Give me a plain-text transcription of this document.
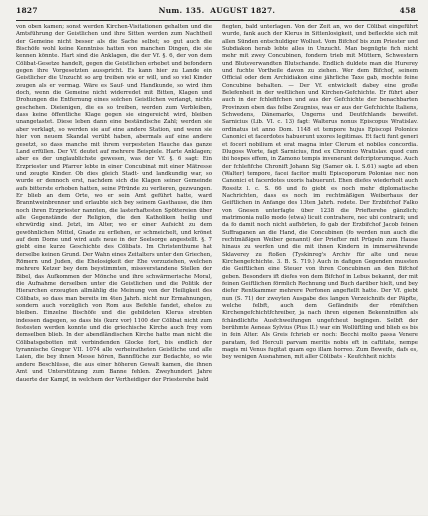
1827	Num. 135. AUGUST 1827.	458

von oben kamen; sonst werden Kirchen-Visitationen gehalten und die Amtsführung der Geistlichen und ihre Sitten werden zum Nachtheil der Gemeine nicht besser als die Sache selbst; so gut auch die Bischöfe wohl keine Kenntniss hatten von manchen Dingen, die sie kennen könnte. Hart sind die Anklagen, die der Vf. §. 6, der von dem Cölibat-Gesetze handelt, gegen die Geistlichen erhebet und befondern gegen ihre Vorgesetzten ausspricht. Es kann hier zu Lande ein Geistlicher die Unzucht so arg treiben wie er will, und so viel Kinder zeugen als er vermag. Wäre es Sauf- und Handkunde, so wird ihm doch, wenn die Gemeine nicht widerredet mit Bitten, Klagen und Drohungen die Entfernung eines solchen Geistlichen verlangt, nichts geschehen. Dieienigen, die es so treiben, werden zum Verbleiben, dass keine öffentliche Klage gegen sie eingereicht wird, bleiben unangetastet. Diese leben dann eine beständische Zahl; werden sie aber verklagt, so werden sie auf eine andere Station, und wenn sie hier von neuem Skandal verübt haben, abermals auf eine andere gesetzt, so dass manche mit ihrem verpesteten Hauche das ganze Land erfüllen. Der Vf. deutet auf mehrere Beispiele. Harte Anklagen; aber es der unglaublichste gewesen, was der Vf. §. 6 sagt: Ein Erzpriester und Pfarrer lebte in einer Concubinat mit einer Mätresse und zeugte Kinder. Ob dies gleich Stadt- und landkundig war, so wurde er dennoch erst, nachdem sich die Klagen seiner Gemeinde aufs bitterste erhoben hatten, seine Pfründe zu verlieren, gezwungen. Er blieb an dem Orte, wo er sein Amt geführt hatte, ward Branntweinbrenner und erlaubte sich bey seinem Gasthause, die ihm noch ihren Erzpriester nannten, die lasterhaftesten Spöttereien über alle Gegenstände der Religion, die den Katholiken heilig und ehrwürdig sind. Jetzt, im Alter, wo er einer Aufsicht zu dem gewöhnlichen Mittel, Gnade zu erflehen, er schmeichelt, und krönet auf dem Dome und wird aufs neue in der Seelsorge angestellt. §. 7 giebt eine kurze Geschichte des Cölibats. Im Christenthume hat derselbe keinen Grund. Der Wahn eines Zeitalters unter den Griechen, Römern und Juden, die Ehelosigkeit der Ehe vorzuziehen, welchen mehrere Ketzer bey dem beystimmten, missverstandene Stellen der Bibel, das Aufkommen der Mönche und ihre schwärmerische Moral, die Aufnahme derselben unter die Geistlichen und die Politik der Hierarchen erzeugten allmählig die Meinung von der Heiligkeit des Cölibats, so dass man bereits im 4ten Jahrh. nicht nur Ermahnungen, sondern auch vorzüglich von Rom aus Befehle fandet, ehelos zu bleiben. Einzelne Bischöfe und die gebildeten Klerus strebten indessen dagegen, so dass bis (kurz vor) 1100 der Cölibat nicht zum festesten werden konnte und die griechische Kirche auch frey vom demselben blieb. In der abendländischen Kirche hatte man nicht die Cölibatsgebotten mit verbindenden Glocke fort, bis endlich der tyrannische Gregor VII. 1074 alle verheiratheten Geistliche und alle Laien, die bey ihnen Messe hören, Bannflüche zur Bedachte, so wie andere Beschlüsse, die aus einer höheren Gewalt kamen, die ihnen Amt und Unterstützung zum Banne fehlen. Zweyhundert Jahre dauerte der Kampf, in welchem der Vertheidiger der Priesterehe bald

fiegten, bald unterlagen. Von der Zeit an, wo der Cölibat eingeführt wurde, fank auch der Klerus in Sittenlosigkeit, und befleckte sich mit allen Sünden entschuldiger Wollust. Vom Bifchof bis zum Priester und Subdiakon herab lebte alles in Unzucht. Man begnügte fich nicht mehr mit zwey Concubinen, fondern trieb mit Müttern, Schwestern und Blutsverwandten Blutschande. Endlich duldete man die Hurerey und fuchte Vortheile davon zu ziehen. Wer dem Bifchof, seinem Official oder dem Archidiakon eine jährliche Taxe gab, mochte feine Concubine behalten. — Der Vf. entwickelt dabey eine große Belefenheit in der weltlichen und Kirchen-Gefchichte. Er führt aber auch in der fchlefifchen und aus der Gefchichte der benachbarten Provinzen eben das felbe Zeugniss, was er aus der Gefchichte Italiens, Schwedens, Dänemarks, Ungerns und Deutfchlands beweifet. Sarnicius (Lib. VI. c. 13) fagt: Walterus nonus Episcopus Wratislav. ordinatus ist anno Dom. 1148 et tempore hujus Episcopi Polonice Canonici et facerdotes habuerunt uxores legitimas. Et facti funt generi et foceri nobilium et erat magna inter Clerum et nobiles concordia. Dlugoss Worte, fagt Sarnicius, find ex Chronico Wratislav. quod cum ibi hospes effem, in Zamono tempis invenerant defcriptorumque. Auch der fchlefifche Chronift Johann Sig (Samer ok. I. S.61) sagte ad eben (Walter) tempore, facei facitor multi Episcoporum Poloniae nec non Canonici et facerdotes uxoris habuerunt. Ehen diefes wiederholt auch Rossitz l. c. S. 66 und fo giebt es noch mehr diplomatische Nachrichten, dass es noch im rechtmäßigen Weiberhaus der Geiftlichen in Anfange des 13ten Jahrh. redete. Der Erzbifchof Falko von Gnesen unterfagte über 1238 die Priefterehe gänzlich; matrimonia nullo modo (etwa) licuit contrahere, nec ubi contrarii; und da fo damit noch nicht aufhörten, fo gab der Erzbifchof Jacob feinen Suffraganen an die Hand, die Concubinen (fo werden nun auch die rechtmäßigen Weiber genannt) der Priefter mit Prügeln zum Hause hinaus zu werfen und die mit ihnen Kindern in immerwährende Sklaverey zu ftoßen (Tyskinreg's Archiv für alte und neue Kirchengefchichte. 3. B. S. 719.) Auch in dafigen Gegenden mussten die Geiftlichen eine Steuer von ihren Concubinen an den Bifchof geben. Besonders ift diefes von dem Bifchof in Lebus bekannt, der mit feinen Geiftlichen förmlich Rechnung und Buch darüber hielt, und bey diefer Rentkammer mehrere Perfonen angeftellt hatte. Der Vf. giebt nun (S. 71) der zweyten Ausgabe des langen Verzeichnifs der Päpfte, welche felbft, auch dem Gefändnifs der römifchen Kirchengefchichtfchreiber, ja nach ihren eigenen Bekenntniffen als fchändlichfte Ausfchweifungen ungefcheut begingen. Selbft der berühmte Aeneas Sylvius (Pius II.) war ein Wollüftling und blieb es bis in fein Alter. Als Greis fchrieb er noch: Becchi molto passa Venere paratam, fed Herculi parvam meritis nobis eft in caftitate, nempe magis mi Venus fugitat quam ego illam horreo. Zum Beweife, dafs es, bey wenigen Ausnahmen, mit aller Cölibats - Keufchheit nichts
